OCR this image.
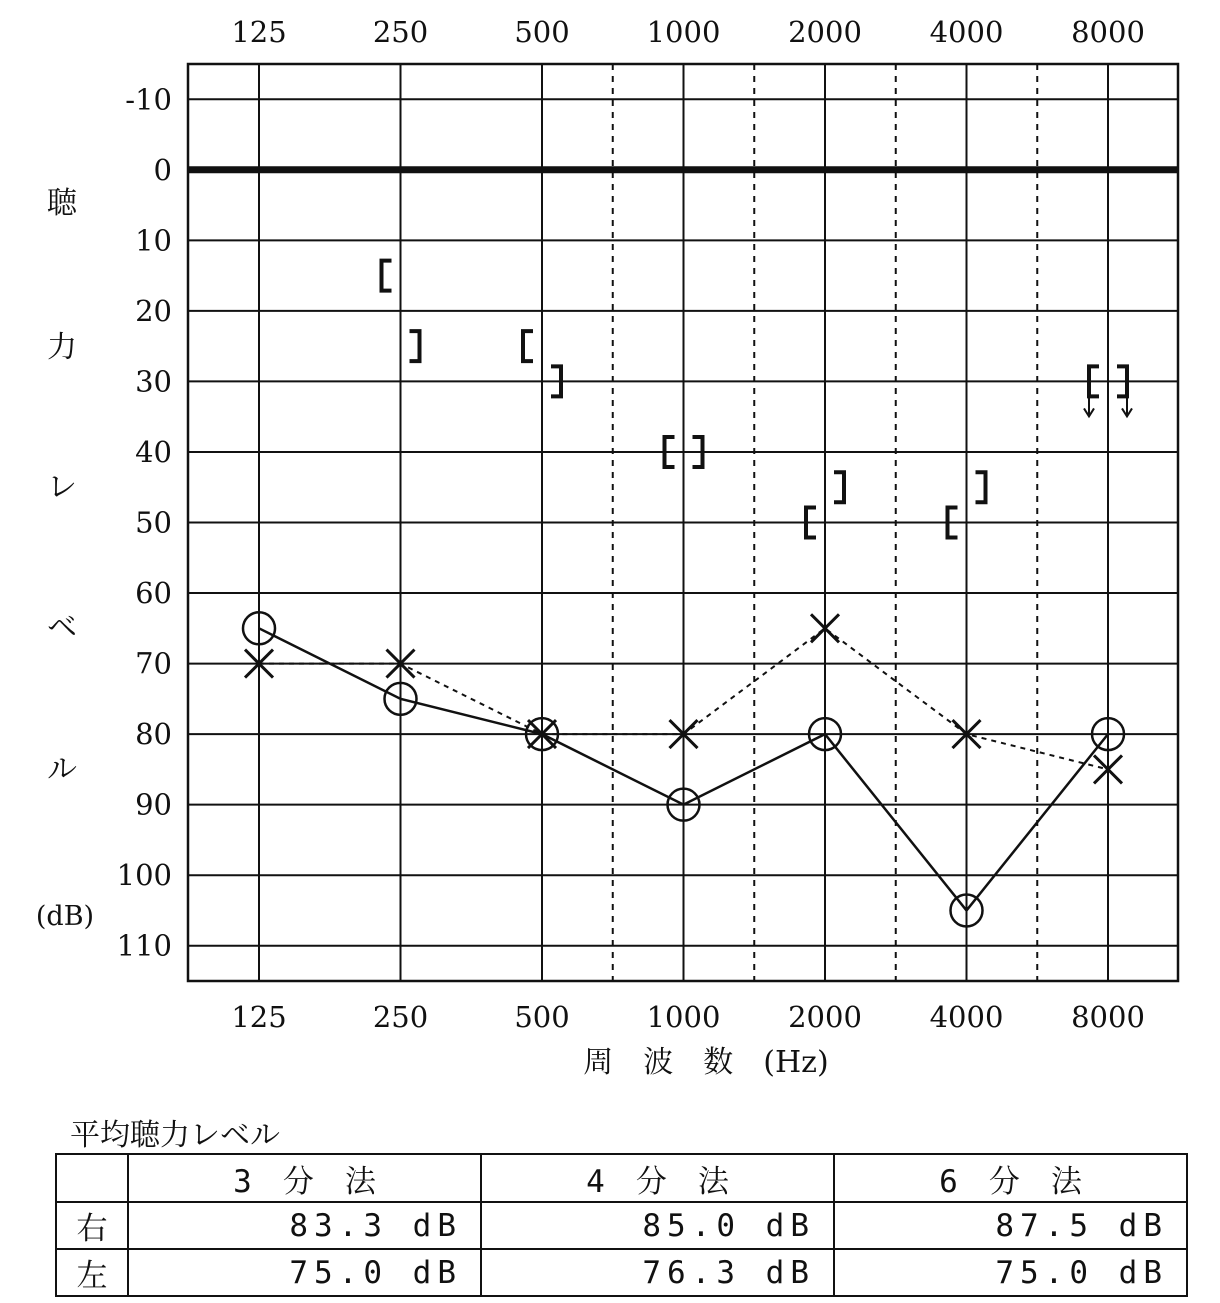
-10
0
10
20
30
40
50
60
70
80
90
100
110
125	250	500	1000 2000 4000 8000
125	250	500	1000 2000 4000 8000
聴
力
レ
ベ
ル
(dB)
周　波　数　(Hz)
平均聴力レベル
	3　分　法	4　分　法	6　分　法
右	83.3 dB	85.0 dB	87.5 dB
左	75.0 dB	76.3 dB	75.0 dB
